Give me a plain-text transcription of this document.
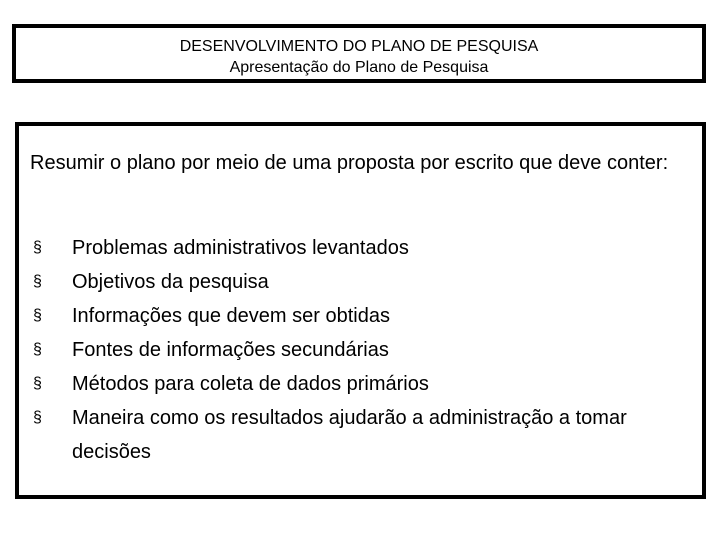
DESENVOLVIMENTO DO PLANO DE PESQUISA
Apresentação do Plano de Pesquisa
Resumir o plano por meio de uma proposta por escrito que deve conter:
§	Problemas administrativos levantados
§	Objetivos da pesquisa
§	Informações que devem ser obtidas
§	Fontes de informações secundárias
§	Métodos para coleta de dados primários
§	Maneira como os resultados ajudarão a administração a tomar decisões
